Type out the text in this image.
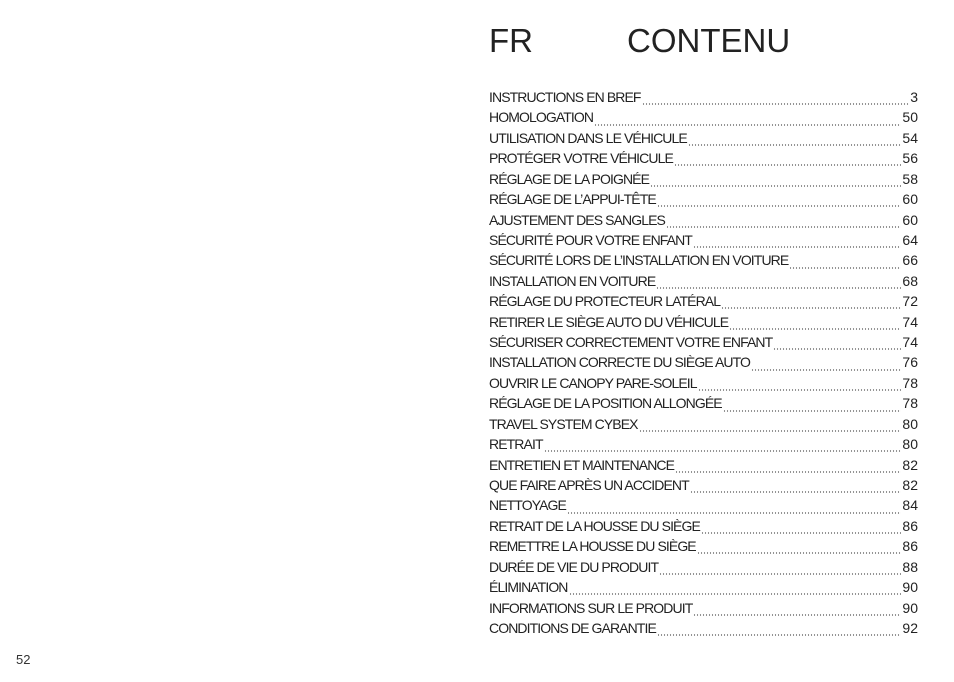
52
FR	CONTENU
INSTRUCTIONS EN BREF	3
HOMOLOGATION	50
UTILISATION DANS LE VÉHICULE	54
PROTÉGER VOTRE VÉHICULE	56
RÉGLAGE DE LA POIGNÉE	58
RÉGLAGE DE L’APPUI-TÊTE	60
AJUSTEMENT DES SANGLES	60
SÉCURITÉ POUR VOTRE ENFANT	64
SÉCURITÉ LORS DE L’INSTALLATION EN VOITURE	66
INSTALLATION EN VOITURE	68
RÉGLAGE DU PROTECTEUR LATÉRAL	72
RETIRER LE SIÈGE AUTO DU VÉHICULE	74
SÉCURISER CORRECTEMENT VOTRE ENFANT	74
INSTALLATION CORRECTE DU SIÈGE AUTO	76
OUVRIR LE CANOPY PARE-SOLEIL	78
RÉGLAGE DE LA POSITION ALLONGÉE	78
TRAVEL SYSTEM CYBEX	80
RETRAIT	80
ENTRETIEN ET MAINTENANCE	82
QUE FAIRE APRÈS UN ACCIDENT	82
NETTOYAGE	84
RETRAIT DE LA HOUSSE DU SIÈGE	86
REMETTRE LA HOUSSE DU SIÈGE	86
DURÉE DE VIE DU PRODUIT	88
ÉLIMINATION	90
INFORMATIONS SUR LE PRODUIT	90
CONDITIONS DE GARANTIE	92
